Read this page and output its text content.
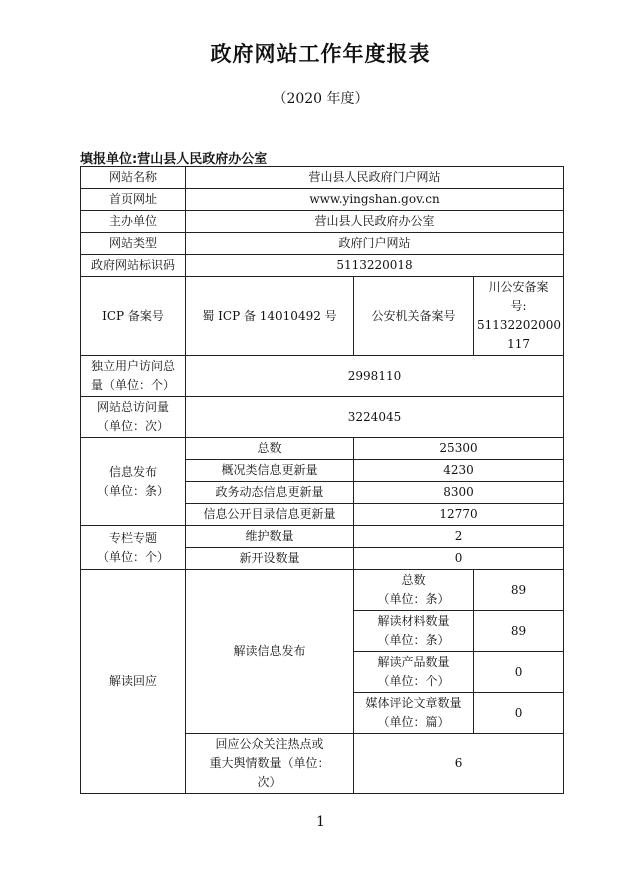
政府网站工作年度报表
（2020 年度）
填报单位:营山县人民政府办公室
网站名称	营山县人民政府门户网站		
首页网址	www.yingshan.gov.cn		
主办单位	营山县人民政府办公室		
网站类型	政府门户网站		
政府网站标识码	5113220018		
ICP 备案号	蜀 ICP 备 14010492 号	公安机关备案号	川公安备案
号:
51132202000
117

独立用户访问总
量（单位：个）	2998110		

网站总访问量
（单位：次）	3224045		

信息发布
（单位：条）	总数	25300	
	概况类信息更新量	4230	
	政务动态信息更新量	8300	
	信息公开目录信息更新量	12770	

专栏专题
（单位：个）	维护数量	2	
	新开设数量	0	
解读回应	解读信息发布	总数
（单位：条）	89

		解读材料数量
（单位：条）	89

		解读产品数量
（单位：个）	0

		媒体评论文章数量
（单位：篇）	0

	回应公众关注热点或
重大舆情数量（单位：
次）	6	
1
